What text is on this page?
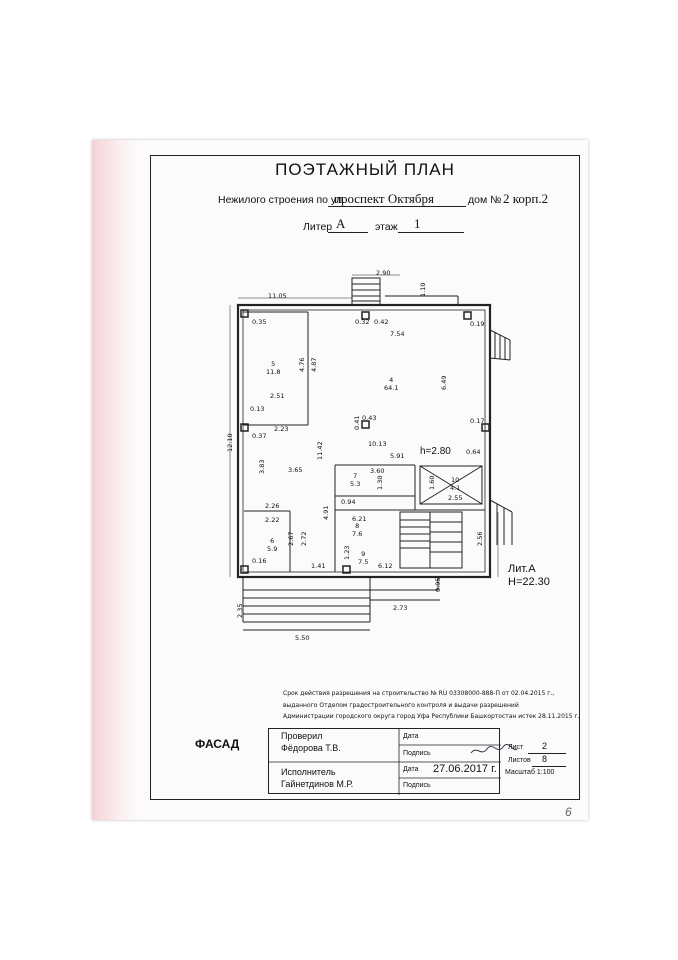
ПОЭТАЖНЫЙ ПЛАН
Нежилого строения по ул.
проспект Октября	дом № 2 корп.2
Литер А	этаж 1
2.90
11.05	1.10
7.54
0.35	0.32 0.42	0.19
4.76 4.87
6.49
2.51
0.13
0.37
2.23
0.43
0.41	0.17
10.13
5.91	0.64
12.10
3.83	3.65
11.42
3.60
1.30	1.60
2.55
0.94
2.26
2.22	4.91	6.21
2.67 2.72	2.56
0.16
1.41
1.23
6.12
0.95
2.35	2.73
5.50
5
11.8
4
64.1
7
5.3	10
4.1
8
7.6
6
5.9
9
7.5
h=2.80
Лит.А
Н=22.30
Срок действия разрешения на строительство № RU 03308000-888-П от 02.04.2015 г.,
выданного Отделом градостроительного контроля и выдачи разрешений
Администрации городского округа город Уфа Республики Башкортостан истек 28.11.2015 г.
ФАСАД
Проверил
Фёдорова Т.В.
Исполнитель
Гайнетдинов М.Р.
Дата
Подпись
Дата 27.06.2017 г.
Подпись
Лист 2
Листов 8
Масштаб 1:100
6
